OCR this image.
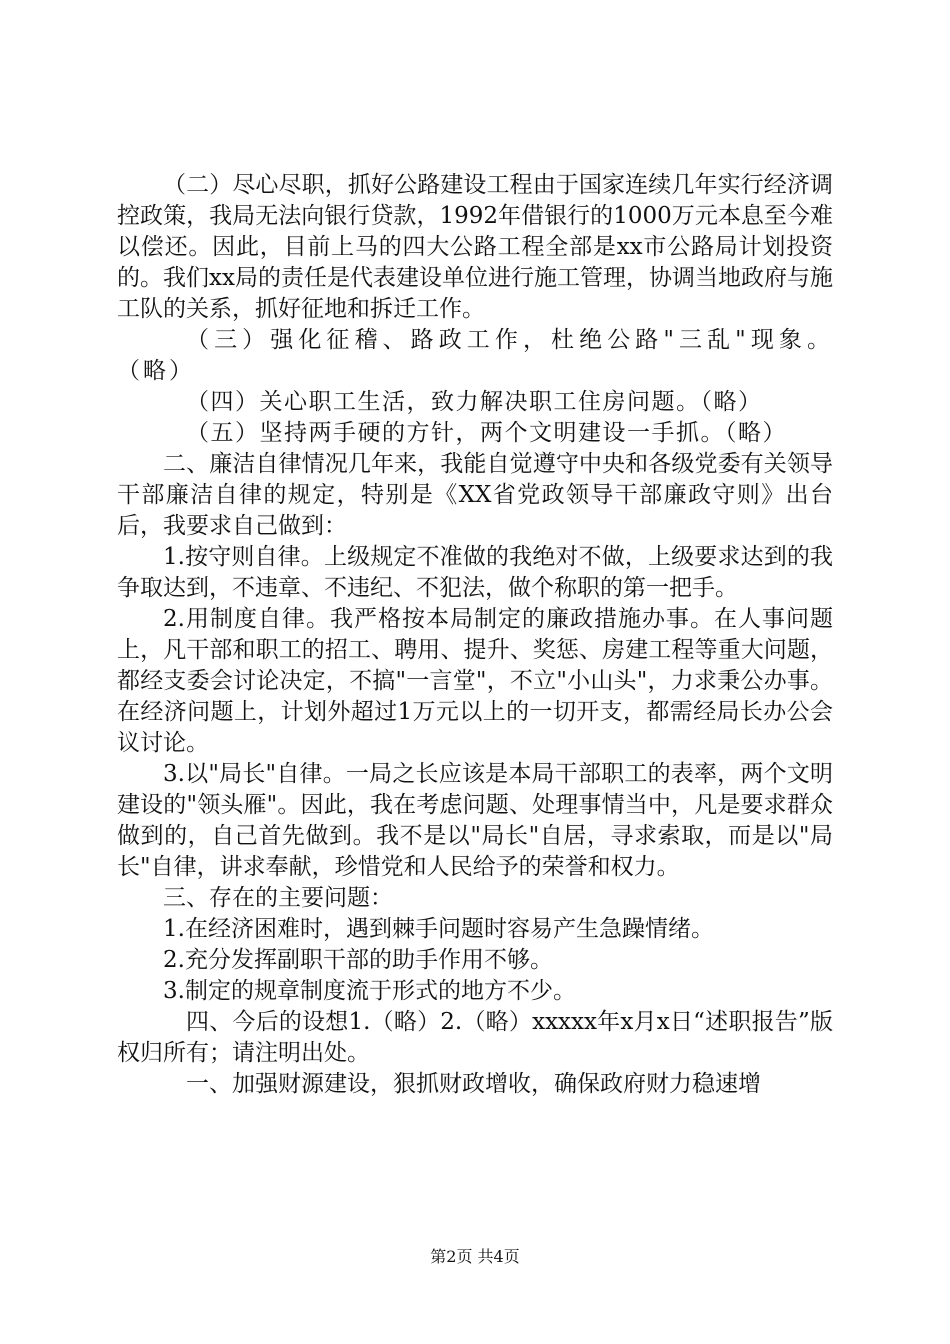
（二）尽心尽职，抓好公路建设工程由于国家连续几年实行经济调控政策，我局无法向银行贷款，1992年借银行的1000万元本息至今难以偿还。因此，目前上马的四大公路工程全部是xx市公路局计划投资的。我们xx局的责任是代表建设单位进行施工管理，协调当地政府与施工队的关系，抓好征地和拆迁工作。

（三）强化征稽、路政工作，杜绝公路"三乱"现象。（略）

（四）关心职工生活，致力解决职工住房问题。（略）

（五）坚持两手硬的方针，两个文明建设一手抓。（略）

二、廉洁自律情况几年来，我能自觉遵守中央和各级党委有关领导干部廉洁自律的规定，特别是《XX省党政领导干部廉政守则》出台后，我要求自己做到：

1.按守则自律。上级规定不准做的我绝对不做，上级要求达到的我争取达到，不违章、不违纪、不犯法，做个称职的第一把手。

2.用制度自律。我严格按本局制定的廉政措施办事。在人事问题上，凡干部和职工的招工、聘用、提升、奖惩、房建工程等重大问题，都经支委会讨论决定，不搞"一言堂"，不立"小山头"，力求秉公办事。在经济问题上，计划外超过1万元以上的一切开支，都需经局长办公会议讨论。

3.以"局长"自律。一局之长应该是本局干部职工的表率，两个文明建设的"领头雁"。因此，我在考虑问题、处理事情当中，凡是要求群众做到的，自己首先做到。我不是以"局长"自居，寻求索取，而是以"局长"自律，讲求奉献，珍惜党和人民给予的荣誉和权力。

三、存在的主要问题：

1.在经济困难时，遇到棘手问题时容易产生急躁情绪。

2.充分发挥副职干部的助手作用不够。

3.制定的规章制度流于形式的地方不少。

四、今后的设想1.（略）2.（略）xxxxx年x月x日“述职报告”版权归所有；请注明出处。

一、加强财源建设，狠抓财政增收，确保政府财力稳速增

第2页 共4页
